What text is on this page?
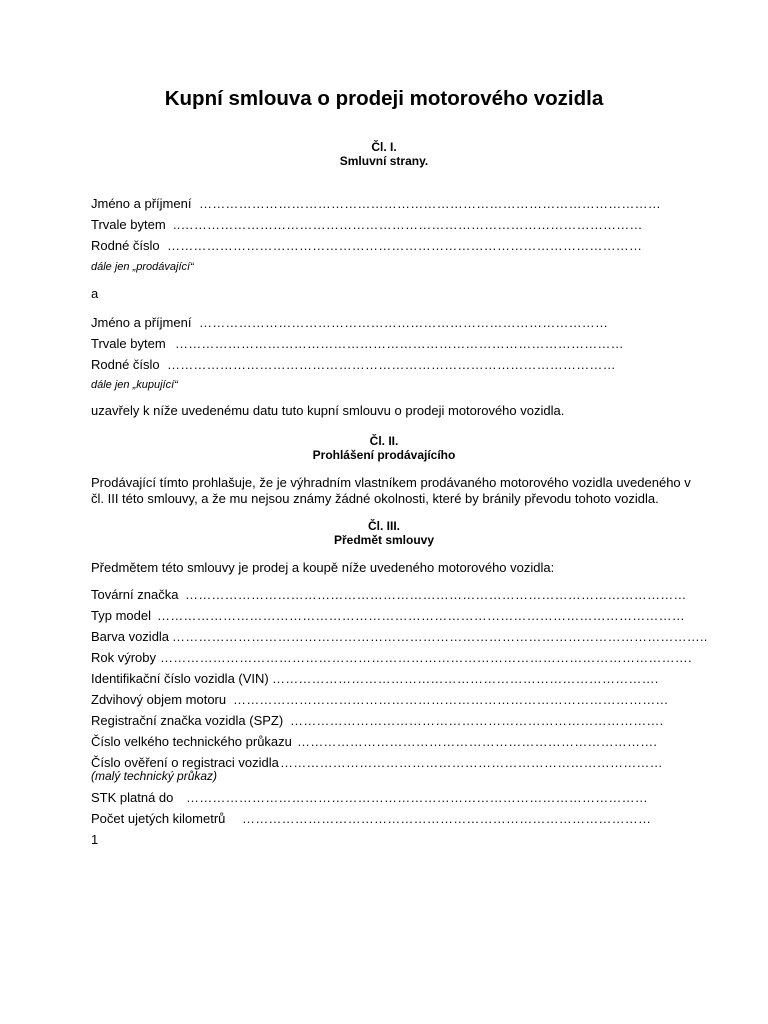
Kupní smlouva o prodeji motorového vozidla
Čl. I.
Smluvní strany.
Jméno a příjmení ……………………………………………………………………………………………
Trvale bytem ..……………………………………………………………………………………………
Rodné číslo ………………………………………………………………………………………………
dále jen „prodávající“
a
Jméno a příjmení …………………………………………………………………………………
Trvale bytem …………………………………………………………………………………………
Rodné číslo …………………………………………………………………………………………
dále jen „kupující“
uzavřely k níže uvedenému datu tuto kupní smlouvu o prodeji motorového vozidla.
Čl. II.
Prohlášení prodávajícího
Prodávající tímto prohlašuje, že je výhradním vlastníkem prodávaného motorového vozidla uvedeného v čl. III této smlouvy, a že mu nejsou známy žádné okolnosti, které by bránily převodu tohoto vozidla.
Čl. III.
Předmět smlouvy
Předmětem této smlouvy je prodej a koupě níže uvedeného motorového vozidla:
Tovární značka ……………………………………………………………………………………………………
Typ model …………………………………………………………………………………………………………
Barva vozidla …………………………………………………………………………………………………………..
Rok výroby ………………………………………………………………………………………………………….
Identifikační číslo vozidla (VIN) …………………………………………………………………………….
Zdvihový objem motoru ………………………………………………………………………………………
Registrační značka vozidla (SPZ) ………………………………………………………………………….
Číslo velkého technického průkazu ……………………………………………………………………….
Číslo ověření o registraci vozidla ……………………………………………………………………………
(malý technický průkaz)
STK platná do ……………………………………………………………………………………………
Počet ujetých kilometrů …………………………………………………………………………………
1
